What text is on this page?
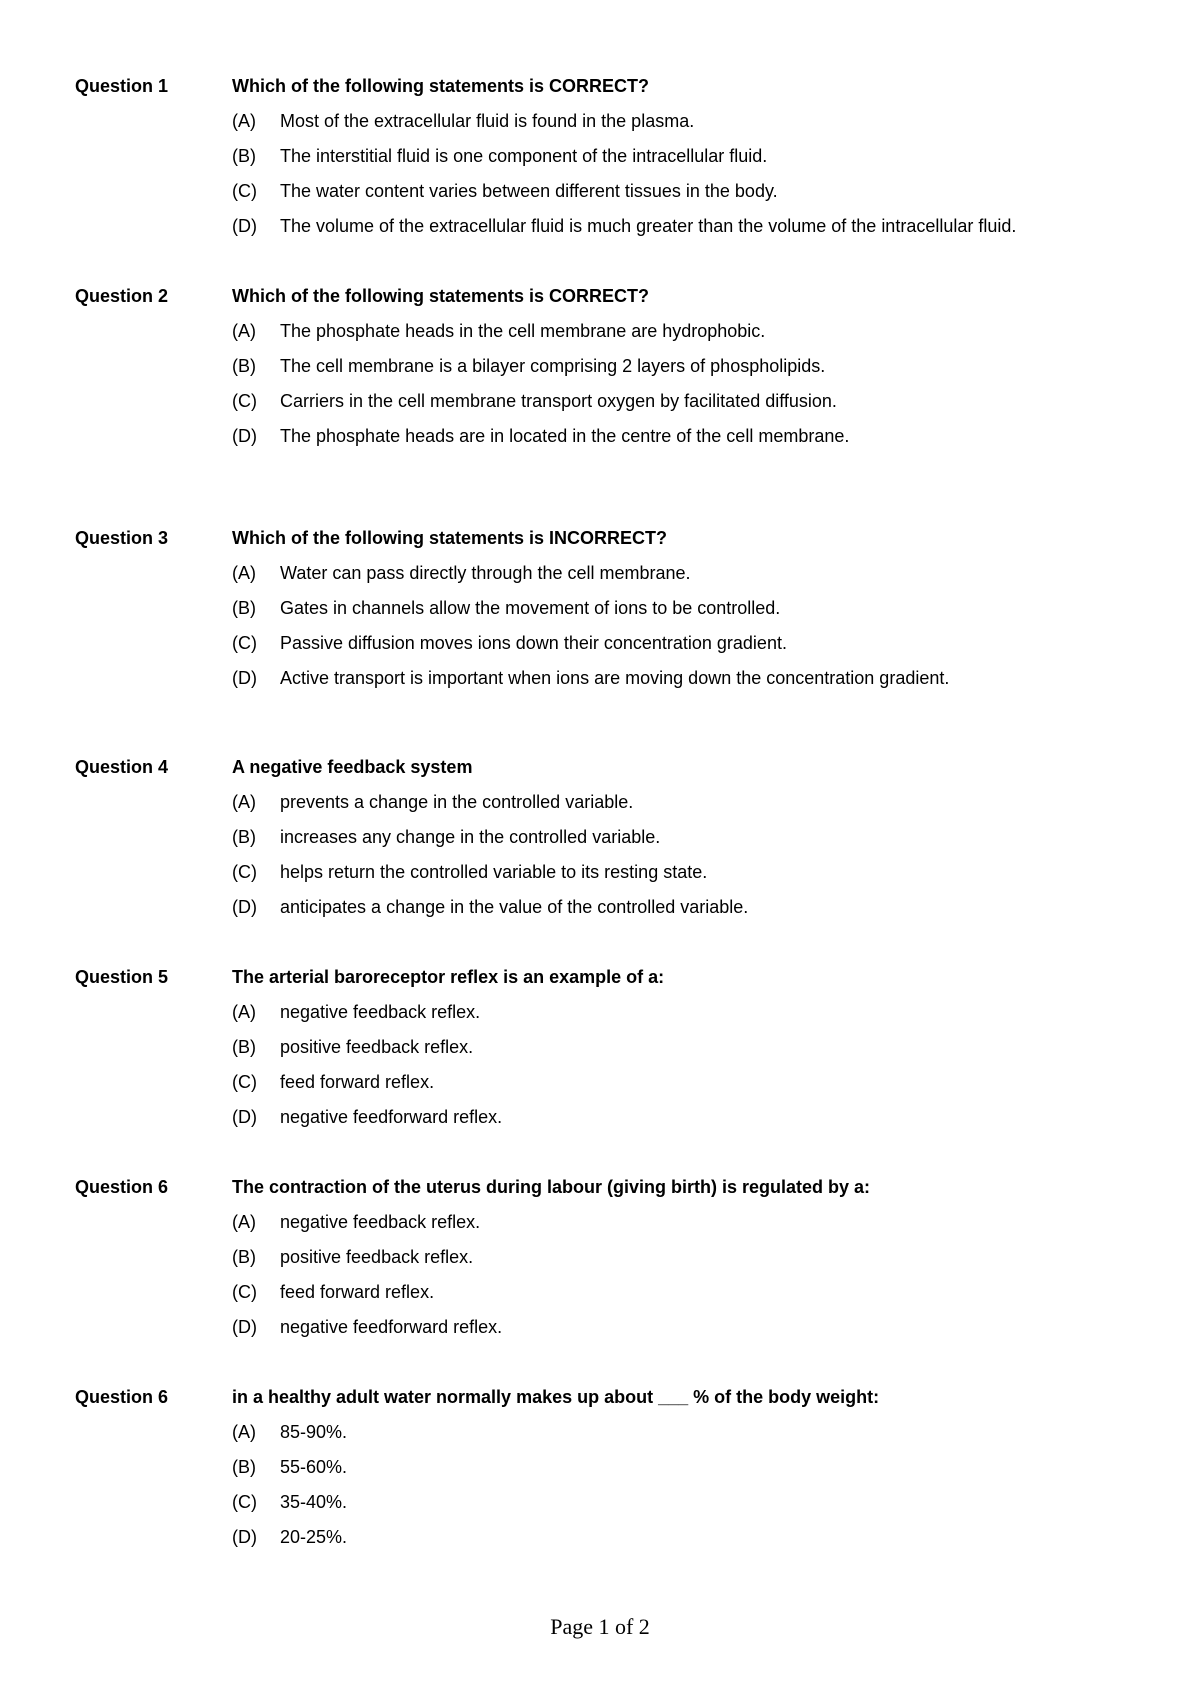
Question 1	Which of the following statements is CORRECT?
(A) Most of the extracellular fluid is found in the plasma.
(B) The interstitial fluid is one component of the intracellular fluid.
(C) The water content varies between different tissues in the body.
(D) The volume of the extracellular fluid is much greater than the volume of the intracellular fluid.
Question 2	Which of the following statements is CORRECT?
(A) The phosphate heads in the cell membrane are hydrophobic.
(B) The cell membrane is a bilayer comprising 2 layers of phospholipids.
(C) Carriers in the cell membrane transport oxygen by facilitated diffusion.
(D) The phosphate heads are in located in the centre of the cell membrane.
Question 3	Which of the following statements is INCORRECT?
(A) Water can pass directly through the cell membrane.
(B) Gates in channels allow the movement of ions to be controlled.
(C) Passive diffusion moves ions down their concentration gradient.
(D) Active transport is important when ions are moving down the concentration gradient.
Question 4	A negative feedback system
(A) prevents a change in the controlled variable.
(B) increases any change in the controlled variable.
(C) helps return the controlled variable to its resting state.
(D) anticipates a change in the value of the controlled variable.
Question 5	The arterial baroreceptor reflex is an example of a:
(A) negative feedback reflex.
(B) positive feedback reflex.
(C) feed forward reflex.
(D) negative feedforward reflex.
Question 6	The contraction of the uterus during labour (giving birth) is regulated by a:
(A) negative feedback reflex.
(B) positive feedback reflex.
(C) feed forward reflex.
(D) negative feedforward reflex.
Question 6	in a healthy adult water normally makes up about ___ % of the body weight:
(A) 85-90%.
(B) 55-60%.
(C) 35-40%.
(D) 20-25%.
Page 1 of 2
